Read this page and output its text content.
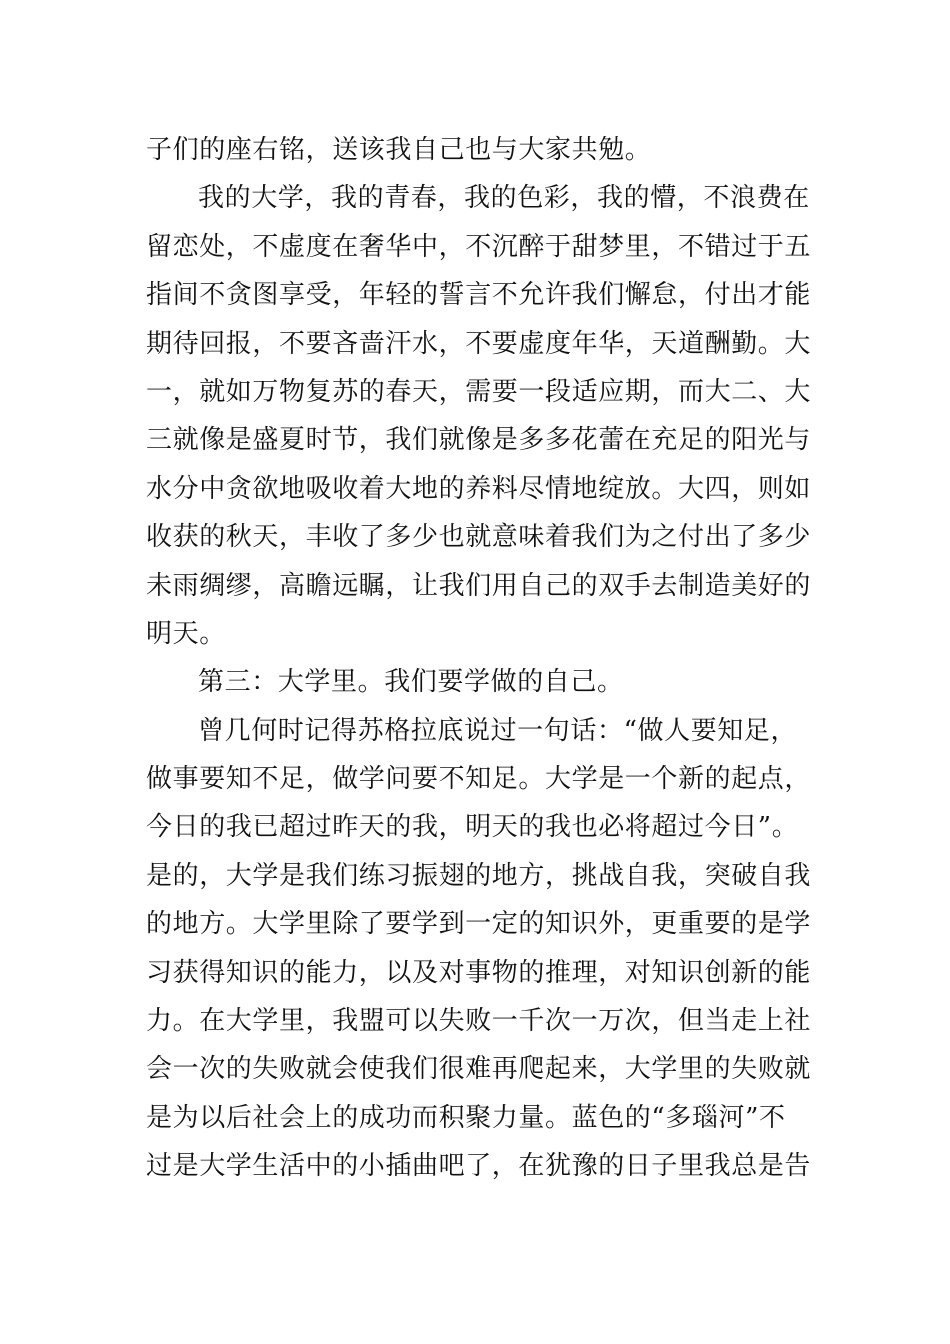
子们的座右铭，送该我自己也与大家共勉。
我的大学，我的青春，我的色彩，我的懵，不浪费在
留恋处，不虚度在奢华中，不沉醉于甜梦里，不错过于五
指间不贪图享受，年轻的誓言不允许我们懈怠，付出才能
期待回报，不要吝啬汗水，不要虚度年华，天道酬勤。大
一，就如万物复苏的春天，需要一段适应期，而大二、大
三就像是盛夏时节，我们就像是多多花蕾在充足的阳光与
水分中贪欲地吸收着大地的养料尽情地绽放。大四，则如
收获的秋天，丰收了多少也就意味着我们为之付出了多少
未雨绸缪，高瞻远瞩，让我们用自己的双手去制造美好的
明天。
第三：大学里。我们要学做的自己。
曾几何时记得苏格拉底说过一句话：“做人要知足，
做事要知不足，做学问要不知足。大学是一个新的起点，
今日的我已超过昨天的我，明天的我也必将超过今日”。
是的，大学是我们练习振翅的地方，挑战自我，突破自我
的地方。大学里除了要学到一定的知识外，更重要的是学
习获得知识的能力，以及对事物的推理，对知识创新的能
力。在大学里，我盟可以失败一千次一万次，但当走上社
会一次的失败就会使我们很难再爬起来，大学里的失败就
是为以后社会上的成功而积聚力量。蓝色的“多瑙河”不
过是大学生活中的小插曲吧了，在犹豫的日子里我总是告
